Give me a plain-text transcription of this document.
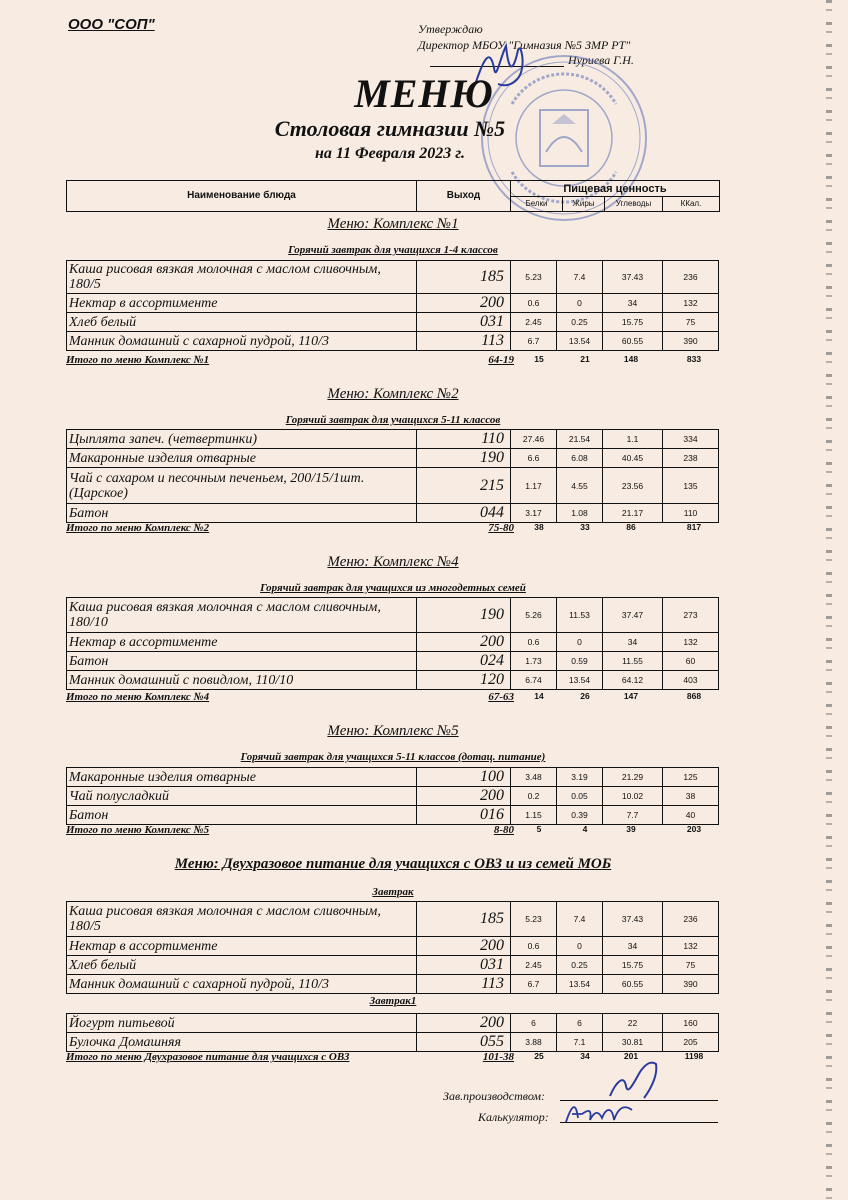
ООО "СОП"	Утверждаю
Директор МБОУ "Гимназия №5 ЗМР РТ"
Нуриева Г.Н.
МЕНЮ
Столовая гимназии №5
на 11 Февраля 2023 г.
Наименование блюда	Выход
Пищевая ценность
Белки	Жиры	Углеводы	ККал.
Меню: Комплекс №1
Горячий завтрак для учащихся 1-4 классов
Каша рисовая вязкая молочная с маслом сливочным, 180/5	185	5.23	7.4	37.43	236
Нектар в ассортименте	200	0.6	0	34	132
Хлеб белый	031	2.45	0.25	15.75	75
Манник домашний с сахарной пудрой, 110/3	113	6.7	13.54	60.55	390
Итого по меню Комплекс №1	64-19	15	21	148	833
Меню: Комплекс №2
Горячий завтрак для учащихся 5-11 классов
Цыплята запеч. (четвертинки)	110	27.46	21.54	1.1	334
Макаронные изделия отварные	190	6.6	6.08	40.45	238
Чай с сахаром и песочным печеньем, 200/15/1шт. (Царское)	215	1.17	4.55	23.56	135
Батон	044	3.17	1.08	21.17	110
Итого по меню Комплекс №2	75-80	38	33	86	817
Меню: Комплекс №4
Горячий завтрак для учащихся из многодетных семей
Каша рисовая вязкая молочная с маслом сливочным, 180/10	190	5.26	11.53	37.47	273
Нектар в ассортименте	200	0.6	0	34	132
Батон	024	1.73	0.59	11.55	60
Манник домашний с повидлом, 110/10	120	6.74	13.54	64.12	403
Итого по меню Комплекс №4	67-63	14	26	147	868
Меню: Комплекс №5
Горячий завтрак для учащихся 5-11 классов (дотац. питание)
Макаронные изделия отварные	100	3.48	3.19	21.29	125
Чай полусладкий	200	0.2	0.05	10.02	38
Батон	016	1.15	0.39	7.7	40
Итого по меню Комплекс №5	8-80	5	4	39	203
Меню: Двухразовое питание для учащихся с ОВЗ и из семей МОБ
Завтрак
Каша рисовая вязкая молочная с маслом сливочным, 180/5	185	5.23	7.4	37.43	236
Нектар в ассортименте	200	0.6	0	34	132
Хлеб белый	031	2.45	0.25	15.75	75
Манник домашний с сахарной пудрой, 110/3	113	6.7	13.54	60.55	390
Завтрак1
Йогурт питьевой	200	6	6	22	160
Булочка Домашняя	055	3.88	7.1	30.81	205
Итого по меню Двухразовое питание для учащихся с ОВЗ	101-38	25	34	201	1198
Зав.производством:
Калькулятор:
